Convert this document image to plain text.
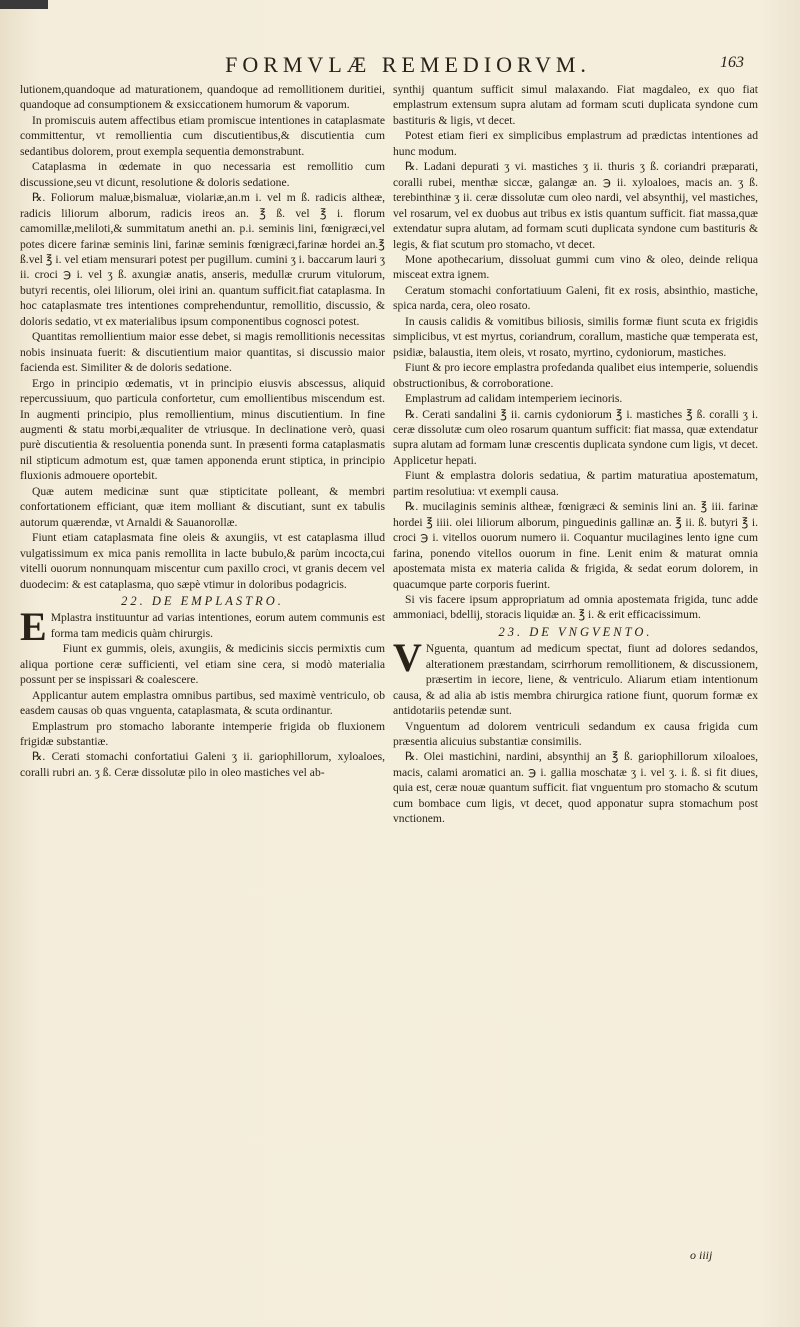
FORMVLÆ REMEDIORVM.	163

lutionem,quandoque ad maturationem, quandoque ad remollitionem duritiei, quandoque ad consumptionem & exsiccationem humorum & vaporum.

In promiscuis autem affectibus etiam promiscue intentiones in cataplasmate committentur, vt remollientia cum discutientibus,& discutientia cum sedantibus dolorem, prout exempla sequentia demonstrabunt.

Cataplasma in œdemate in quo necessaria est remollitio cum discussione,seu vt dicunt, resolutione & doloris sedatione.

℞. Foliorum maluæ,bismaluæ, violariæ,an.m i. vel m ß. radicis altheæ, radicis liliorum alborum, radicis ireos an. ℥ ß. vel ℥ i. florum camomillæ,meliloti,& summitatum anethi an. p.i. seminis lini, fœnigræci,vel potes dicere farinæ seminis lini, farinæ seminis fœnigræci,farinæ hordei an.℥ ß.vel ℥ i. vel etiam mensurari potest per pugillum. cumini ʒ i. baccarum lauri ʒ ii. croci ℈ i. vel ʒ ß. axungiæ anatis, anseris, medullæ crurum vitulorum, butyri recentis, olei liliorum, olei irini an. quantum sufficit.fiat cataplasma. In hoc cataplasmate tres intentiones comprehenduntur, remollitio, discussio, & doloris sedatio, vt ex materialibus ipsum componentibus cognosci potest.

Quantitas remollientium maior esse debet, si magis remollitionis necessitas nobis insinuata fuerit: & discutientium maior quantitas, si discussio maior facienda est. Similiter & de doloris sedatione.

Ergo in principio œdematis, vt in principio eiusvis abscessus, aliquid repercussiuum, quo particula confortetur, cum emollientibus miscendum est. In augmenti principio, plus remollientium, minus discutientium. In fine augmenti & statu morbi,æqualiter de vtriusque. In declinatione verò, quasi purè discutientia & resoluentia ponenda sunt. In præsenti forma cataplasmatis nil stipticum admotum est, quæ tamen apponenda erunt stiptica, in principio fluxionis admouere oportebit.

Quæ autem medicinæ sunt quæ stipticitate polleant, & membri confortationem efficiant, quæ item molliant & discutiant, sunt ex tabulis autorum quærendæ, vt Arnaldi & Sauanorollæ.

Fiunt etiam cataplasmata fine oleis & axungiis, vt est cataplasma illud vulgatissimum ex mica panis remollita in lacte bubulo,& parùm incocta,cui vitelli ouorum nonnunquam miscentur cum paxillo croci, vt granis decem vel duodecim: & est cataplasma, quo sæpè vtimur in doloribus podagricis.

22. DE EMPLASTRO.

E Mplastra instituuntur ad varias intentiones, eorum autem communis est forma tam medicis quàm chirurgis.

Fiunt ex gummis, oleis, axungiis, & medicinis siccis permixtis cum aliqua portione ceræ sufficienti, vel etiam sine cera, si modò materialia possunt per se inspissari & coalescere.

Applicantur autem emplastra omnibus partibus, sed maximè ventriculo, ob easdem causas ob quas vnguenta, cataplasmata, & scuta ordinantur.

Emplastrum pro stomacho laborante intemperie frigida ob fluxionem frigidæ substantiæ.

℞. Cerati stomachi confortatiui Galeni ʒ ii. gariophillorum, xyloaloes, coralli rubri an. ʒ ß. Ceræ dissolutæ pilo in oleo mastiches vel ab-

synthij quantum sufficit simul malaxando. Fiat magdaleo, ex quo fiat emplastrum extensum supra alutam ad formam scuti duplicata syndone cum bastituris & ligis, vt decet.

Potest etiam fieri ex simplicibus emplastrum ad prædictas intentiones ad hunc modum.

℞. Ladani depurati ʒ vi. mastiches ʒ ii. thuris ʒ ß. coriandri præparati, coralli rubei, menthæ siccæ, galangæ an. ℈ ii. xyloaloes, macis an. ʒ ß. terebinthinæ ʒ ii. ceræ dissolutæ cum oleo nardi, vel absynthij, vel mastiches, vel rosarum, vel ex duobus aut tribus ex istis quantum sufficit. fiat massa,quæ extendatur supra alutam, ad formam scuti duplicata syndone cum bastituris & legis, & fiat scutum pro stomacho, vt decet.

Mone apothecarium, dissoluat gummi cum vino & oleo, deinde reliqua misceat extra ignem.

Ceratum stomachi confortatiuum Galeni, fit ex rosis, absinthio, mastiche, spica narda, cera, oleo rosato.

In causis calidis & vomitibus biliosis, similis formæ fiunt scuta ex frigidis simplicibus, vt est myrtus, coriandrum, corallum, mastiche quæ temperata est, psidiæ, balaustia, item oleis, vt rosato, myrtino, cydoniorum, mastiches.

Fiunt & pro iecore emplastra profedanda qualibet eius intemperie, soluendis obstructionibus, & corroboratione.

Emplastrum ad calidam intemperiem iecinoris.

℞. Cerati sandalini ℥ ii. carnis cydoniorum ℥ i. mastiches ℥ ß. coralli ʒ i. ceræ dissolutæ cum oleo rosarum quantum sufficit: fiat massa, quæ extendatur supra alutam ad formam lunæ crescentis duplicata syndone cum ligis, vt decet. Applicetur hepati.

Fiunt & emplastra doloris sedatiua, & partim maturatiua apostematum, partim resolutiua: vt exempli causa.

℞. mucilaginis seminis altheæ, fœnigræci & seminis lini an. ℥ iii. farinæ hordei ℥ iiii. olei liliorum alborum, pinguedinis gallinæ an. ℥ ii. ß. butyri ℥ i. croci ℈ i. vitellos ouorum numero ii. Coquantur mucilagines lento igne cum farina, ponendo vitellos ouorum in fine. Lenit enim & maturat omnia apostemata mista ex materia calida & frigida, & sedat eorum dolorem, in quacumque parte corporis fuerint.

Si vis facere ipsum appropriatum ad omnia apostemata frigida, tunc adde ammoniaci, bdellij, storacis liquidæ an. ℥ i. & erit efficacissimum.

23. DE VNGVENTO.

V Nguenta, quantum ad medicum spectat, fiunt ad dolores sedandos, alterationem præstandam, scirrhorum remollitionem, & discussionem, præsertim in iecore, liene, & ventriculo. Aliarum etiam intentionum causa, & ad alia ab istis membra chirurgica ratione fiunt, quorum formæ ex antidotariis petendæ sunt.

Vnguentum ad dolorem ventriculi sedandum ex causa frigida cum præsentia alicuius substantiæ consimilis.

℞. Olei mastichini, nardini, absynthij an ℥ ß. gariophillorum xiloaloes, macis, calami aromatici an. ℈ i. gallia moschatæ ʒ i. vel ʒ. i. ß. si fit diues, quia est, ceræ nouæ quantum sufficit. fiat vnguentum pro stomacho & scutum cum bombace cum ligis, vt decet, quod apponatur supra stomachum post vnctionem.

o iiij
